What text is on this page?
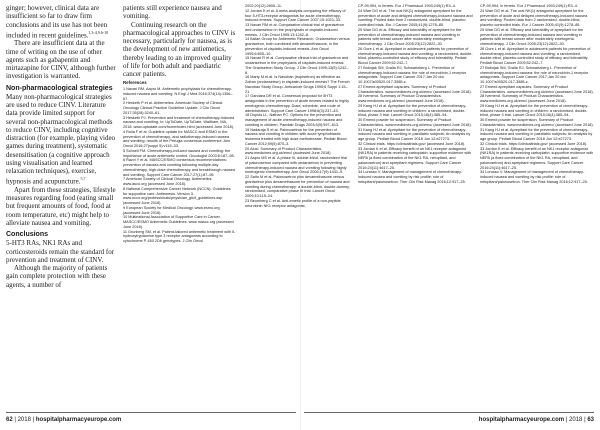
ginger; however, clinical data are insufficient so far to draw firm conclusions and its use has not been included in recent guidelines.$^{1,3-4,9,6-10}$

There are insufficient data at the time of writing on the use of other agents such as gabapentin and mirtazapine for CINV, although further investigation is warranted.

Non-pharmacological strategies

Many non-pharmacological strategies are used to reduce CINV. Literature data provide limited support for several non-pharmacological methods to reduce CINV, including cognitive distraction (for example, playing video games during treatment), systematic desensitisation (a cognitive approach using visualisation and learned relaxation techniques), exercise, hypnosis and acupuncture.$^{5,7}$

Apart from these strategies, lifestyle measures regarding food (eating small but frequent amounts of food, food at room temperature, etc) might help to alleviate nausea and vomiting.

Conclusions

5-HT3 RAs, NK1 RAs and corticosteroids remain the standard for prevention and treatment of CINV.

Although the majority of patients gain complete protection with these agents, a number of

patients still experience nausea and vomiting.

Continuing research on the pharmacological approaches to CINV is necessary, particularly for nausea, as is the development of new antiemetics, thereby leading to an improved quality of life for both adult and paediatric cancer patients.

References

1 Navari RM, Aapro M. Antiemetic prophylaxis for chemotherapy-induced nausea and vomiting. N Engl J Med 2016;374(14):1356–67.

2 Hesketh P et al. Antiemetics: American Society of Clinical Oncology Clinical Practice Guideline Update. J Clin Oncol 2017;35(28):3240–61.

3 Hesketh PJ. Prevention and treatment of chemotherapy-induced nausea and vomiting. In: UpToDate, UpToDate, Waltham, MA, 2018. www.uptodate.com/home/index.html (accessed June 2018).

4 Roila F et al. Guideline update for MASCC and ESMO in the prevention of chemotherapy- and radiotherapy-induced nausea and vomiting: results of the Perugia consensus conference. Ann Oncol 2016;27(suppl 5):v119–33.

5 Schnell FM. Chemotherapy-induced nausea and vomiting: the importance of acute antiemetic control. Oncologist 2003;8:187–98.

6 Razvi Y et al. MASCC/ESMO consensus recommendations: prevention of nausea and vomiting following multiple-day chemotherapy, high-dose chemotherapy and breakthrough nausea and vomiting. Support Care Cancer 2017;27(1):87–95.

7 American Society of Clinical Oncology. Antiemetics. www.asco.org (accessed June 2018).

8 National Comprehensive Cancer Network (NCCN). Guidelines for supportive care. Antiemesis. Version 3. www.nccn.org/professionals/physician_gls/f_guidelines.asp (accessed June 2018).

9 European Society for Medical Oncology. www.esmo.org (accessed June 2018).

10 Multinational Association of Supportive Care in Cancer. MASCC/ESMO Antiemetic Guidelines. www.mascc.org (accessed June 2018).

11 Grunberg SM, et al. Patient-tailored antiemetic treatment with 5-hydroxytryptamine type 3 receptor antagonists according to cytochrome P-450 2D6 genotypes. J Clin Oncol

2002;20(12):2805–11.

12 Jordan K et al. A meta-analysis comparing the efficacy of four 5-HT3-receptor antagonists for acute chemotherapy-induced emesis. Support Care Cancer 2007;15:1023–33.

13 Navari RM et al. Comparative clinical trial of granisetron and ondansetron in the prophylaxis of cisplatin-induced emesis. J Clin Oncol 1995;13:1242–8.

14 Italian Group for Antiemetic Research. Ondansetron versus granisetron, both combined with dexamethasone, in the prevention of cisplatin-induced emesis. Ann Oncol 1995;6:805–10.

15 Navari R et al. Comparative clinical trial of granisetron and ondansetron in the prophylaxis of cisplatin-induced emesis. The Granisetron Study Group. J Clin Oncol 1995;13(5):1242–8.

16 Marty M et al. Is Navoban (tropisetron) as effective as Zofran (ondansetron) in cisplatin-induced emesis? The French Navoban Study Group. Anticancer Drugs 1995;6 Suppl 1:15–21.

17 Gandara DR et al. Consensus proposal for 5HT3 antagonists in the prevention of acute emesis related to highly emetogenic chemotherapy. Dose, schedule, and route of administration. Support Care Cancer 1998;6(3):237–43.

18 Dupuis LL, Nathan PC. Options for the prevention and management of acute chemotherapy-induced nausea and vomiting in children. Paediatr Drugs 2003;5(9):597–613.

19 Nadaraja S et al. Palonosetron for the prevention of nausea and vomiting in children with acute lymphoblastic leukemia treated with high dose methotrexate. Pediatr Blood Cancer 2012;59(5):870–3.

20 Aloxi. Summary of Product Characteristics. www.medicines.org.uk/emc/ (accessed June 2018).

21 Aapro MS et al. A phase III, double-blind, randomized trial of palonosetron compared with ondansetron in preventing chemotherapy-induced nausea and vomiting following highly emetogenic chemotherapy. Ann Oncol 2006;17(9):1441–9.

22 Saito M et al. Palonosetron plus dexamethasone versus granisetron plus dexamethasone for prevention of nausea and vomiting during chemotherapy: a double-blind, double-dummy, randomised, comparative phase III trial. Lancet Oncol 2009;10:115–24.

23 Beumberg C et al. Anti-emetic profile of a non-peptide neurokinin NK1 receptor antagonist,

CP-99,994, in ferrets. Eur J Pharmacol 1993;249(1):R3–4.

24 Warr DG et al. The oral NK(1) antagonist aprepitant for the prevention of acute and delayed chemotherapy-induced nausea and vomiting: Pooled data from 2 randomized, double-blind, placebo controlled trials. Eur J Cancer 2005;41(9):1278–85.

25 Warr DG et al. Efficacy and tolerability of aprepitant for the prevention of chemotherapy-induced nausea and vomiting in patients with breast cancer after moderately emetogenic chemotherapy. J Clin Oncol 2005;23(12):2822–30.

26 Gore L et al. Aprepitant in adolescent patients for prevention of chemotherapy-induced nausea and vomiting: a randomized, double-blind, placebo-controlled study of efficacy and tolerability. Pediatr Blood Cancer 2009;52:242–7.

27 Bošnjak SM, Gralla RJ, Schwartzberg L. Prevention of chemotherapy-induced nausea: the role of neurokinin-1 receptor antagonists. Support Care Cancer 2017;Jan 20 doi: 10.1007/s00520-017-3585-z.

27 Emend aprepitant capsules. Summary of Product Characteristics. www.medicines.org.uk/emc/ (accessed June 2018).

28 Ivemend. Summary of Product Characteristics. www.medicines.org.uk/emc/ (accessed June 2018).

29 Kang HJ et al. Aprepitant for the prevention of chemotherapy-induced nausea and vomiting in children: a randomised, double-blind, phase 3 trial. Lancet Oncol 2015;16(4):385–94.

30 Emend powder for suspension. Summary of Product Characteristics. www.medicines.org.uk/emc/ (accessed June 2018).

31 Kang HJ et al. Aprepitant for the prevention of chemotherapy-induced nausea and vomiting in paediatric subjects: An analysis by age group. Pediatr Blood Cancer 2018 Jun 12:e27273.

32 Clinical trials. https://clinicaltrials.gov/ (accessed June 2018).

33 Jordan K et al. Efficacy benefit of an NK1 receptor antagonist (NK1RA) in patients receiving carboplatin: supportive evidence with NEPA (a fixed combination of the NK1 RA, netupitant, and palonosetron) and aprepitant regimens. Support Care Cancer 2016;24(11):4617–25.

34 Lorusso V. Management of management of chemotherapy-induced nausea and vomiting by risk profile: role of netupitant/palonosetron. Ther Clin Risk Manag 2016;12:917–25.

CP-99,994, in ferrets. Eur J Pharmacol 1993;249(1):R3–4.

24 Warr DG et al. The oral NK(1) antagonist aprepitant for the prevention of acute and delayed chemotherapy-induced nausea and vomiting: Pooled data from 2 randomized, double-blind, placebo controlled trials. Eur J Cancer 2005;41(9):1278–85.

25 Warr DG et al. Efficacy and tolerability of aprepitant for the prevention of chemotherapy-induced nausea and vomiting in patients with breast cancer after moderately emetogenic chemotherapy. J Clin Oncol 2005;23(12):2822–30.

26 Gore L et al. Aprepitant in adolescent patients for prevention of chemotherapy-induced nausea and vomiting: a randomized, double-blind, placebo-controlled study of efficacy and tolerability. Pediatr Blood Cancer 2009;52:242–7.

27 Bošnjak SM, Gralla RJ, Schwartzberg L. Prevention of chemotherapy-induced nausea: the role of neurokinin-1 receptor antagonists. Support Care Cancer 2017;Jan 20 doi: 10.1007/s00520-017-3585-z.

27 Emend aprepitant capsules. Summary of Product Characteristics. www.medicines.org.uk/emc/ (accessed June 2018).

28 Ivemend. Summary of Product Characteristics. www.medicines.org.uk/emc/ (accessed June 2018).

29 Kang HJ et al. Aprepitant for the prevention of chemotherapy-induced nausea and vomiting in children: a randomised, double-blind, phase 3 trial. Lancet Oncol 2015;16(4):385–94.

30 Emend powder for suspension. Summary of Product Characteristics. www.medicines.org.uk/emc/ (accessed June 2018).

31 Kang HJ et al. Aprepitant for the prevention of chemotherapy-induced nausea and vomiting in paediatric subjects: An analysis by age group. Pediatr Blood Cancer 2018 Jun 12:e27273.

32 Clinical trials. https://clinicaltrials.gov/ (accessed June 2018).

33 Jordan K et al. Efficacy benefit of an NK1 receptor antagonist (NK1RA) in patients receiving carboplatin: supportive evidence with NEPA (a fixed combination of the NK1 RA, netupitant, and palonosetron) and aprepitant regimens. Support Care Cancer 2016;24(11):4617–25.

34 Lorusso V. Management of management of chemotherapy-induced nausea and vomiting by risk profile: role of netupitant/palonosetron. Ther Clin Risk Manag 2016;12:917–25.

62 | 2018 | hospitalpharmacyeurope.com	hospitalpharmacyeurope.com | 2018 | 63
